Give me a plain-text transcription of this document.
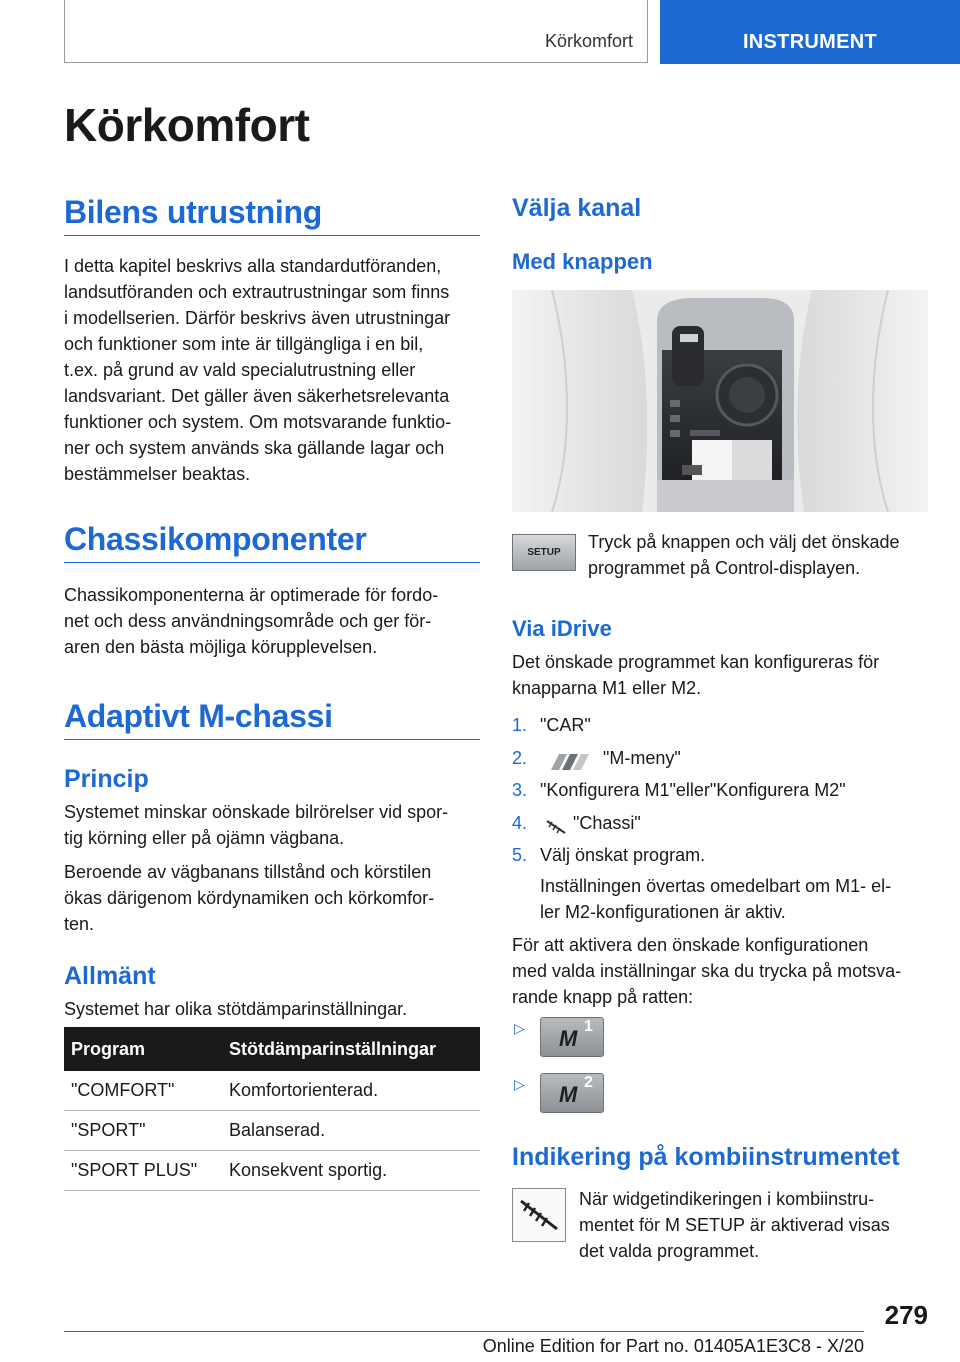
Körkomfort	INSTRUMENT
Körkomfort
Bilens utrustning
I detta kapitel beskrivs alla standardutföranden,
landsutföranden och extrautrustningar som finns
i modellserien. Därför beskrivs även utrustningar
och funktioner som inte är tillgängliga i en bil,
t.ex. på grund av vald specialutrustning eller
landsvariant. Det gäller även säkerhetsrelevanta
funktioner och system. Om motsvarande funktio-
ner och system används ska gällande lagar och
bestämmelser beaktas.
Chassikomponenter
Chassikomponenterna är optimerade för fordo-
net och dess användningsområde och ger för-
aren den bästa möjliga körupplevelsen.
Adaptivt M-chassi
Princip
Systemet minskar oönskade bilrörelser vid spor-
tig körning eller på ojämn vägbana.
Beroende av vägbanans tillstånd och körstilen
ökas därigenom kördynamiken och körkomfor-
ten.
Allmänt
Systemet har olika stötdämparinställningar.
Program	Stötdämparinställningar
"COMFORT"	Komfortorienterad.
"SPORT"	Balanserad.
"SPORT PLUS"	Konsekvent sportig.
Välja kanal
Med knappen
SETUP
Tryck på knappen och välj det önskade
programmet på Control-displayen.
Via iDrive
Det önskade programmet kan konfigureras för
knapparna M1 eller M2.
1. "CAR"
2.	"M-meny"
3. "Konfigurera M1"eller"Konfigurera M2"
4.	"Chassi"
5. Välj önskat program.
Inställningen övertas omedelbart om M1- el-
ler M2-konfigurationen är aktiv.
För att aktivera den önskade konfigurationen
med valda inställningar ska du trycka på motsva-
rande knapp på ratten:
▷ M 1
▷ M 2
Indikering på kombiinstrumentet
När widgetindikeringen i kombiinstru-
mentet för M SETUP är aktiverad visas
det valda programmet.
279
Online Edition for Part no. 01405A1E3C8 - X/20
